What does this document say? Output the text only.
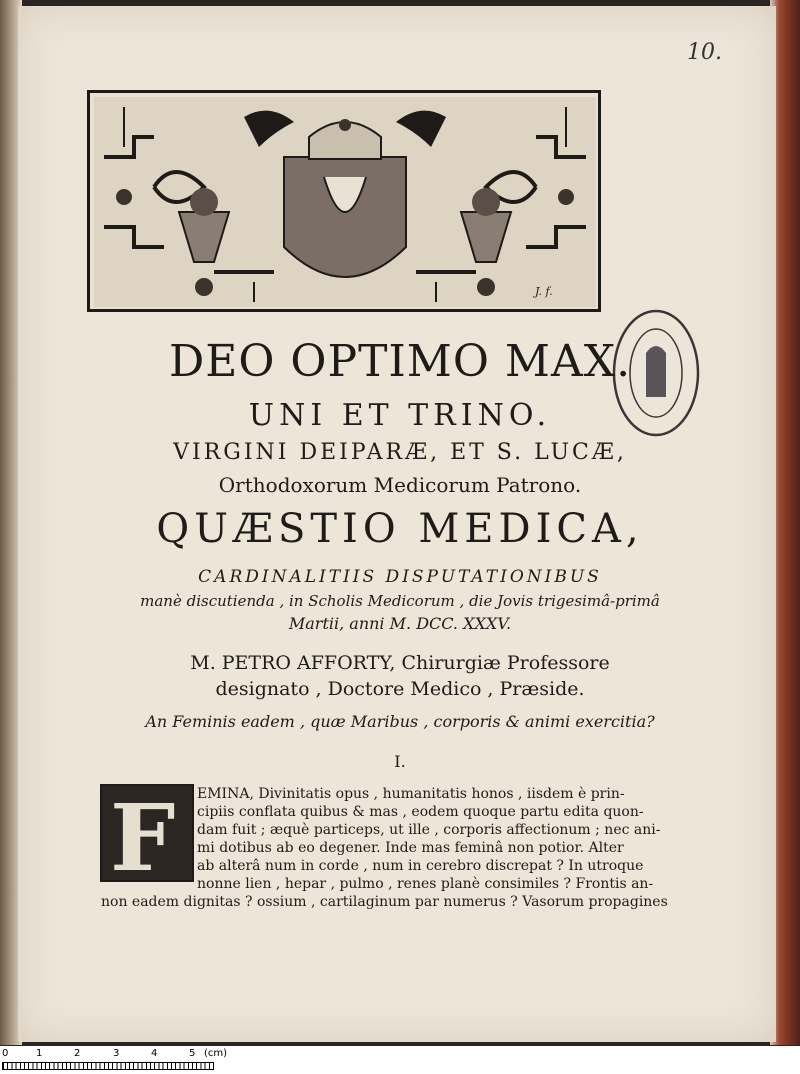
10.
J. f.
DEO OPTIMO MAX.
UNI ET TRINO.
VIRGINI DEIPARÆ, ET S. LUCÆ,
Orthodoxorum Medicorum Patrono.
QUÆSTIO MEDICA,
CARDINALITIIS DISPUTATIONIBUS
manè discutienda , in Scholis Medicorum , die Jovis trigesimâ-primâ
Martii, anni M. DCC. XXXV.
M. PETRO AFFORTY, Chirurgiæ Professore
designato , Doctore Medico , Præside.
An Feminis eadem , quæ Maribus , corporis & animi exercitia?
I.
F EMINA, Divinitatis opus , humanitatis honos , iisdem è prin-
cipiis conflata quibus & mas , eodem quoque partu edita quon-
dam fuit ; æquè particeps, ut ille , corporis affectionum ; nec ani-
mi dotibus ab eo degener. Inde mas feminâ non potior. Alter
ab alterâ num in corde , num in cerebro discrepat ? In utroque
nonne lien , hepar , pulmo , renes planè consimiles ? Frontis an-
non eadem dignitas ? ossium , cartilaginum par numerus ? Vasorum propagines
0	1	2	3	4	5 (cm)
